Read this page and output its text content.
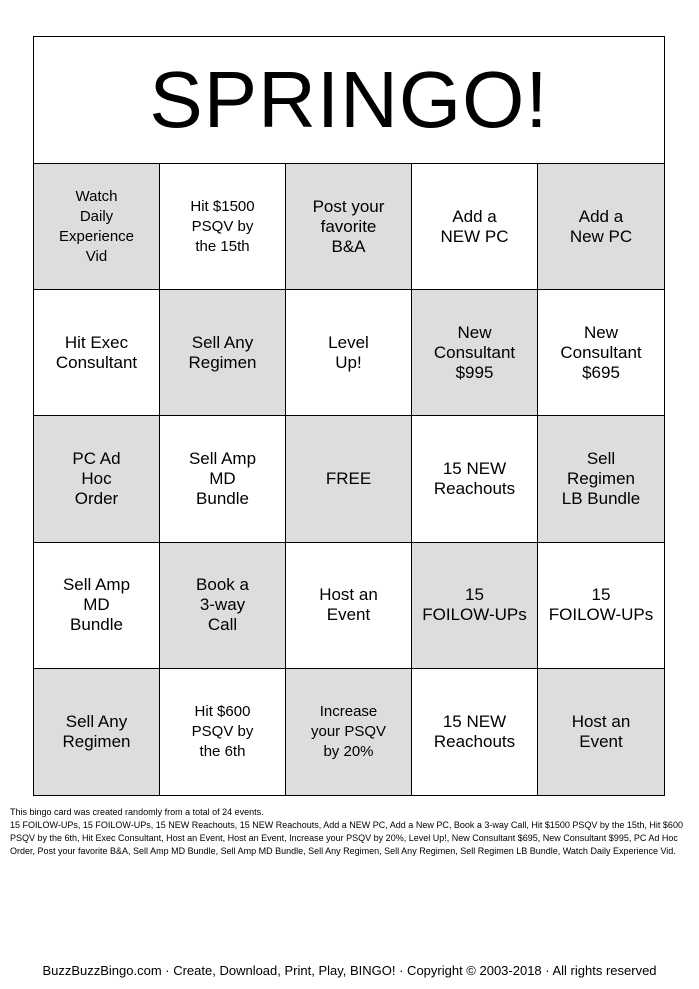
SPRINGO!
Watch
Daily
Experience
Vid
Hit $1500
PSQV by
the 15th
Post your
favorite
B&A
Add a
NEW PC
Add a
New PC
Hit Exec
Consultant
Sell Any
Regimen
Level
Up!
New
Consultant
$995
New
Consultant
$695
PC Ad
Hoc
Order
Sell Amp
MD
Bundle
FREE
15 NEW
Reachouts
Sell
Regimen
LB Bundle
Sell Amp
MD
Bundle
Book a
3-way
Call
Host an
Event
15
FOILOW-UPs
15
FOILOW-UPs
Sell Any
Regimen
Hit $600
PSQV by
the 6th
Increase
your PSQV
by 20%
15 NEW
Reachouts
Host an
Event
This bingo card was created randomly from a total of 24 events.
15 FOILOW-UPs, 15 FOILOW-UPs, 15 NEW Reachouts, 15 NEW Reachouts, Add a NEW PC, Add a New PC, Book a 3-way Call, Hit $1500 PSQV by the 15th, Hit $600 PSQV by the 6th, Hit Exec Consultant, Host an Event, Host an Event, Increase your PSQV by 20%, Level Up!, New Consultant $695, New Consultant $995, PC Ad Hoc Order, Post your favorite B&A, Sell Amp MD Bundle, Sell Amp MD Bundle, Sell Any Regimen, Sell Any Regimen, Sell Regimen LB Bundle, Watch Daily Experience Vid.
BuzzBuzzBingo.com · Create, Download, Print, Play, BINGO! · Copyright © 2003-2018 · All rights reserved
